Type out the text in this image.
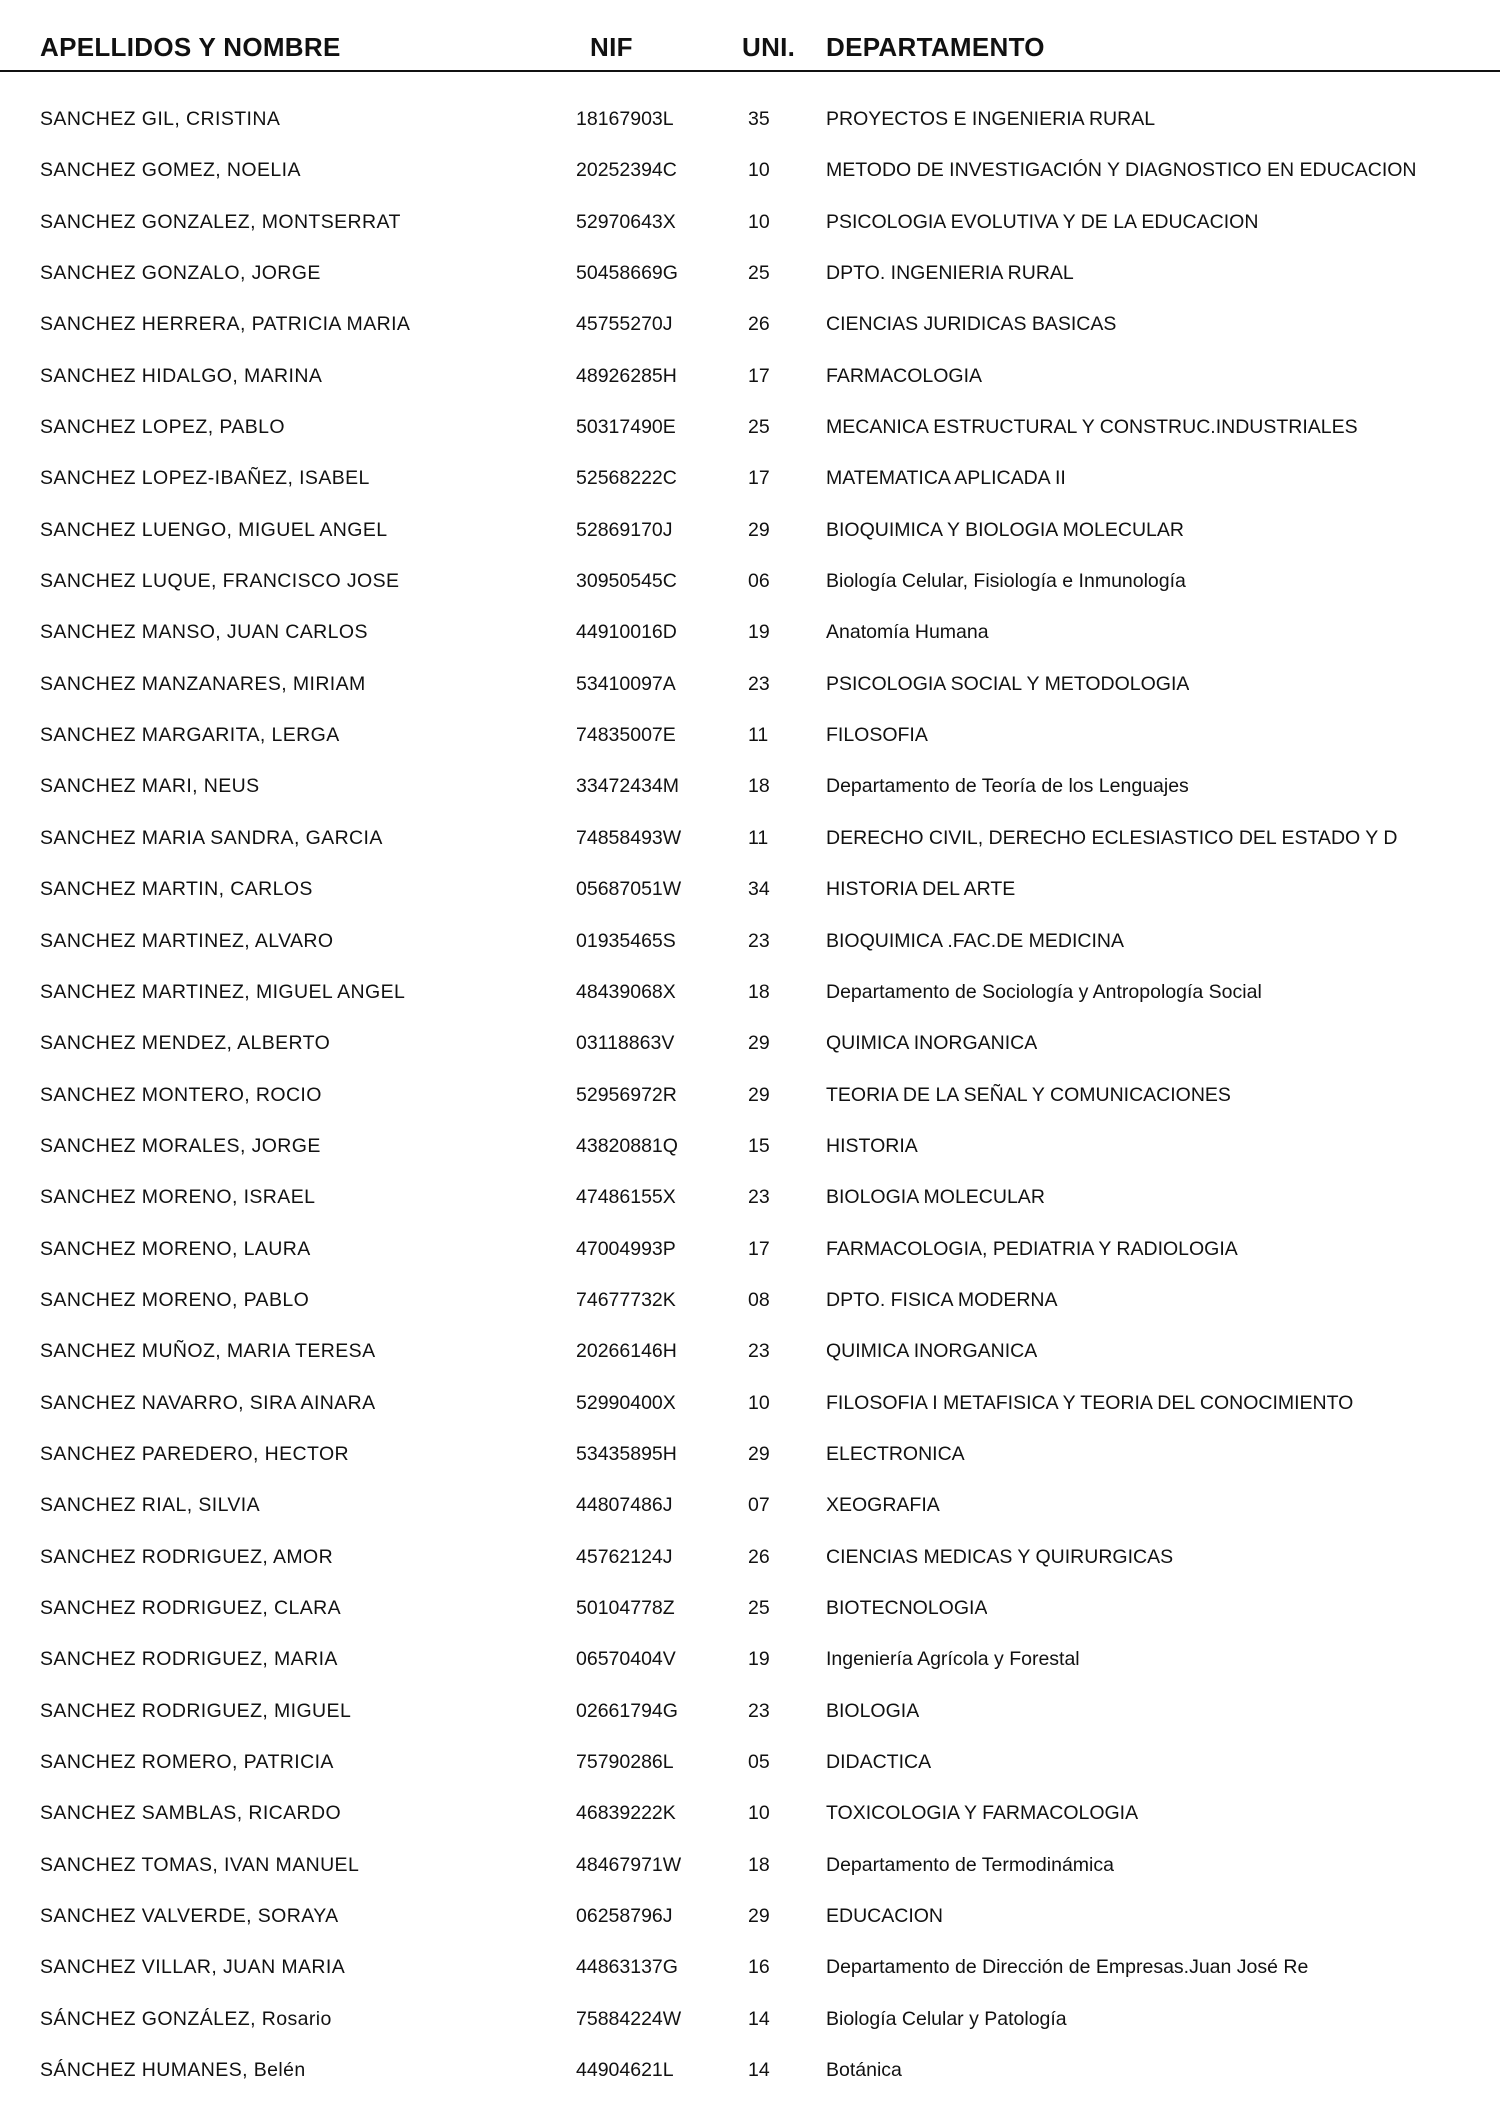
APELLIDOS Y NOMBRE	NIF	UNI. DEPARTAMENTO
SANCHEZ GIL, CRISTINA	18167903L	35	PROYECTOS E INGENIERIA RURAL
SANCHEZ GOMEZ, NOELIA	20252394C	10	METODO DE INVESTIGACIÓN Y DIAGNOSTICO EN EDUCACION
SANCHEZ GONZALEZ, MONTSERRAT	52970643X	10	PSICOLOGIA EVOLUTIVA Y DE LA EDUCACION
SANCHEZ GONZALO, JORGE	50458669G	25	DPTO. INGENIERIA RURAL
SANCHEZ HERRERA, PATRICIA MARIA	45755270J	26	CIENCIAS JURIDICAS BASICAS
SANCHEZ HIDALGO, MARINA	48926285H	17	FARMACOLOGIA
SANCHEZ LOPEZ, PABLO	50317490E	25	MECANICA ESTRUCTURAL Y CONSTRUC.INDUSTRIALES
SANCHEZ LOPEZ-IBAÑEZ, ISABEL	52568222C	17	MATEMATICA APLICADA II
SANCHEZ LUENGO, MIGUEL ANGEL	52869170J	29	BIOQUIMICA Y BIOLOGIA MOLECULAR
SANCHEZ LUQUE, FRANCISCO JOSE	30950545C	06	Biología Celular, Fisiología e Inmunología
SANCHEZ MANSO, JUAN CARLOS	44910016D	19	Anatomía Humana
SANCHEZ MANZANARES, MIRIAM	53410097A	23	PSICOLOGIA SOCIAL Y METODOLOGIA
SANCHEZ MARGARITA, LERGA	74835007E	11	FILOSOFIA
SANCHEZ MARI, NEUS	33472434M	18	Departamento de Teoría de los Lenguajes
SANCHEZ MARIA SANDRA, GARCIA	74858493W	11	DERECHO CIVIL, DERECHO ECLESIASTICO DEL ESTADO Y D
SANCHEZ MARTIN, CARLOS	05687051W	34	HISTORIA DEL ARTE
SANCHEZ MARTINEZ, ALVARO	01935465S	23	BIOQUIMICA .FAC.DE MEDICINA
SANCHEZ MARTINEZ, MIGUEL ANGEL	48439068X	18	Departamento de Sociología y Antropología Social
SANCHEZ MENDEZ, ALBERTO	03118863V	29	QUIMICA INORGANICA
SANCHEZ MONTERO, ROCIO	52956972R	29	TEORIA DE LA SEÑAL Y COMUNICACIONES
SANCHEZ MORALES, JORGE	43820881Q	15	HISTORIA
SANCHEZ MORENO, ISRAEL	47486155X	23	BIOLOGIA MOLECULAR
SANCHEZ MORENO, LAURA	47004993P	17	FARMACOLOGIA, PEDIATRIA Y RADIOLOGIA
SANCHEZ MORENO, PABLO	74677732K	08	DPTO. FISICA MODERNA
SANCHEZ MUÑOZ, MARIA TERESA	20266146H	23	QUIMICA INORGANICA
SANCHEZ NAVARRO, SIRA AINARA	52990400X	10	FILOSOFIA I METAFISICA Y TEORIA DEL CONOCIMIENTO
SANCHEZ PAREDERO, HECTOR	53435895H	29	ELECTRONICA
SANCHEZ RIAL, SILVIA	44807486J	07	XEOGRAFIA
SANCHEZ RODRIGUEZ, AMOR	45762124J	26	CIENCIAS MEDICAS Y QUIRURGICAS
SANCHEZ RODRIGUEZ, CLARA	50104778Z	25	BIOTECNOLOGIA
SANCHEZ RODRIGUEZ, MARIA	06570404V	19	Ingeniería Agrícola y Forestal
SANCHEZ RODRIGUEZ, MIGUEL	02661794G	23	BIOLOGIA
SANCHEZ ROMERO, PATRICIA	75790286L	05	DIDACTICA
SANCHEZ SAMBLAS, RICARDO	46839222K	10	TOXICOLOGIA Y FARMACOLOGIA
SANCHEZ TOMAS, IVAN MANUEL	48467971W	18	Departamento de Termodinámica
SANCHEZ VALVERDE, SORAYA	06258796J	29	EDUCACION
SANCHEZ VILLAR, JUAN MARIA	44863137G	16	Departamento de Dirección de Empresas.Juan José Re
SÁNCHEZ GONZÁLEZ, Rosario	75884224W	14	Biología Celular y Patología
SÁNCHEZ HUMANES, Belén	44904621L	14	Botánica
